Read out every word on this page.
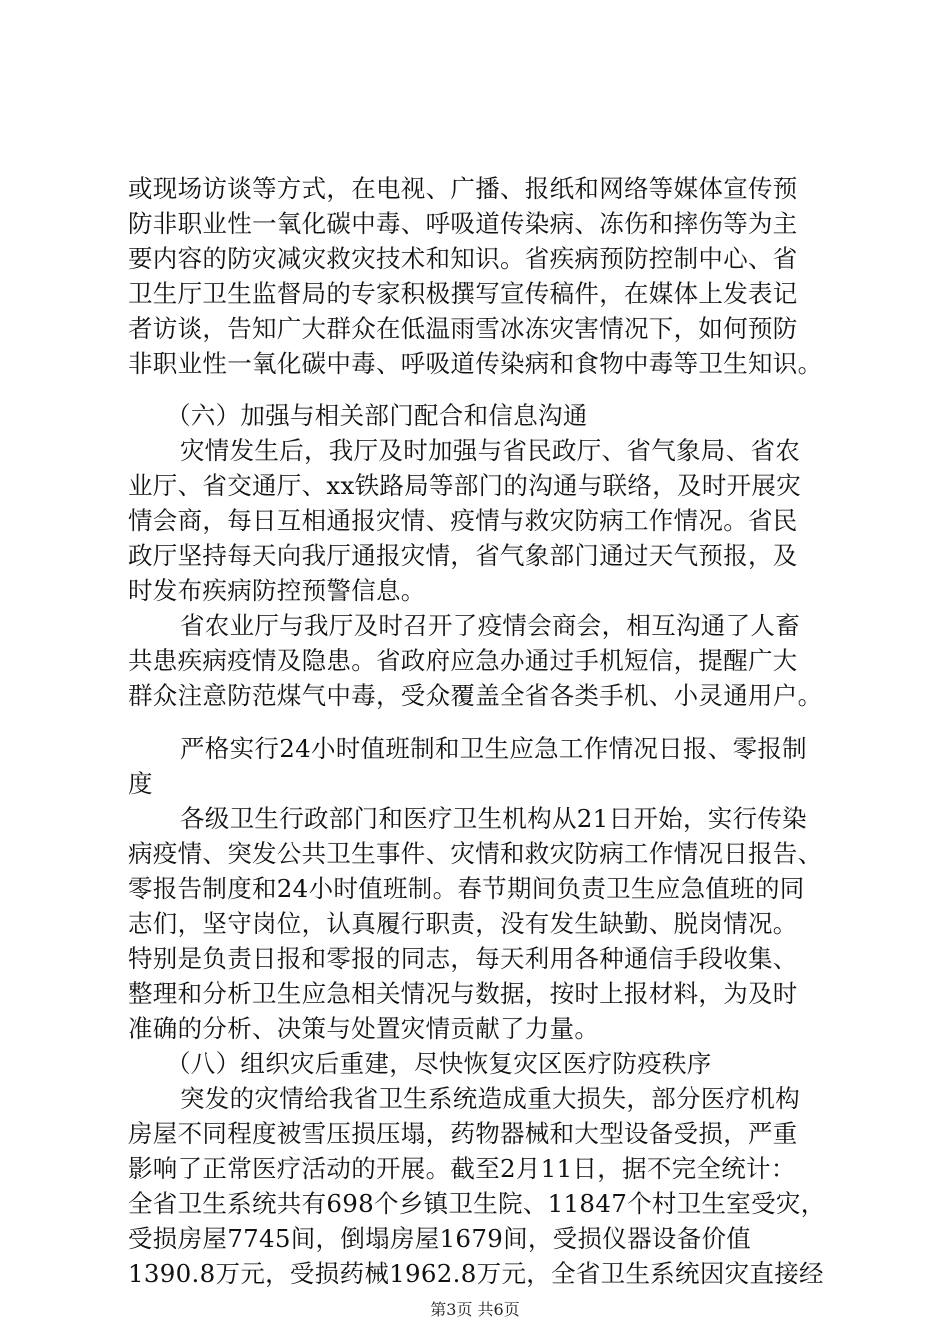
或现场访谈等方式，在电视、广播、报纸和网络等媒体宣传预
防非职业性一氧化碳中毒、呼吸道传染病、冻伤和摔伤等为主
要内容的防灾减灾救灾技术和知识。省疾病预防控制中心、省
卫生厅卫生监督局的专家积极撰写宣传稿件，在媒体上发表记
者访谈，告知广大群众在低温雨雪冰冻灾害情况下，如何预防
非职业性一氧化碳中毒、呼吸道传染病和食物中毒等卫生知识。
（六）加强与相关部门配合和信息沟通
灾情发生后，我厅及时加强与省民政厅、省气象局、省农
业厅、省交通厅、xx铁路局等部门的沟通与联络，及时开展灾
情会商，每日互相通报灾情、疫情与救灾防病工作情况。省民
政厅坚持每天向我厅通报灾情，省气象部门通过天气预报，及
时发布疾病防控预警信息。
省农业厅与我厅及时召开了疫情会商会，相互沟通了人畜
共患疾病疫情及隐患。省政府应急办通过手机短信，提醒广大
群众注意防范煤气中毒，受众覆盖全省各类手机、小灵通用户。
严格实行24小时值班制和卫生应急工作情况日报、零报制
度
各级卫生行政部门和医疗卫生机构从21日开始，实行传染
病疫情、突发公共卫生事件、灾情和救灾防病工作情况日报告、
零报告制度和24小时值班制。春节期间负责卫生应急值班的同
志们，坚守岗位，认真履行职责，没有发生缺勤、脱岗情况。
特别是负责日报和零报的同志，每天利用各种通信手段收集、
整理和分析卫生应急相关情况与数据，按时上报材料，为及时
准确的分析、决策与处置灾情贡献了力量。
（八）组织灾后重建，尽快恢复灾区医疗防疫秩序
突发的灾情给我省卫生系统造成重大损失，部分医疗机构
房屋不同程度被雪压损压塌，药物器械和大型设备受损，严重
影响了正常医疗活动的开展。截至2月11日，据不完全统计：
全省卫生系统共有698个乡镇卫生院、11847个村卫生室受灾，
受损房屋7745间，倒塌房屋1679间，受损仪器设备价值
1390.8万元，受损药械1962.8万元，全省卫生系统因灾直接经
第3页 共6页
